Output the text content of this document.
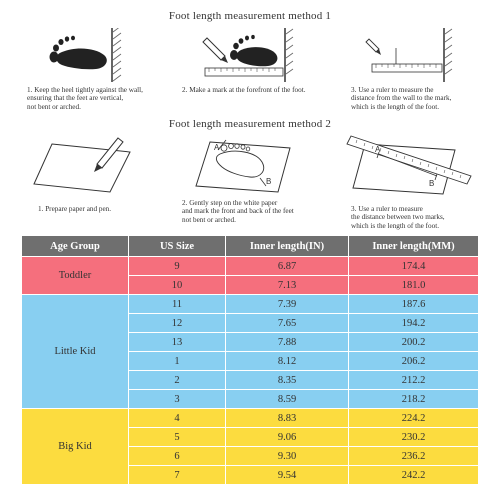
Foot length measurement method 1
1. Keep the heel tightly against the wall,
ensuring that the feet are vertical,
not bent or arched.
2. Make a mark at the forefront of the foot.	3. Use a ruler to measure the
distance from the wall to the mark,
which is the length of the foot.
Foot length measurement method 2
A
B
A
B
1. Prepare paper and pen.
2. Gently step on the white paper
and mark the front and back of the feet
not bent or arched.
3. Use a ruler to measure
the distance between two marks,
which is the length of the foot.
Age Group	US Size	Inner length(IN)	Inner length(MM)
Toddler	9	6.87	174.4
	10	7.13	181.0
Little Kid	11	7.39	187.6
	12	7.65	194.2
	13	7.88	200.2
	1	8.12	206.2
	2	8.35	212.2
	3	8.59	218.2
Big Kid	4	8.83	224.2
	5	9.06	230.2
	6	9.30	236.2
	7	9.54	242.2
